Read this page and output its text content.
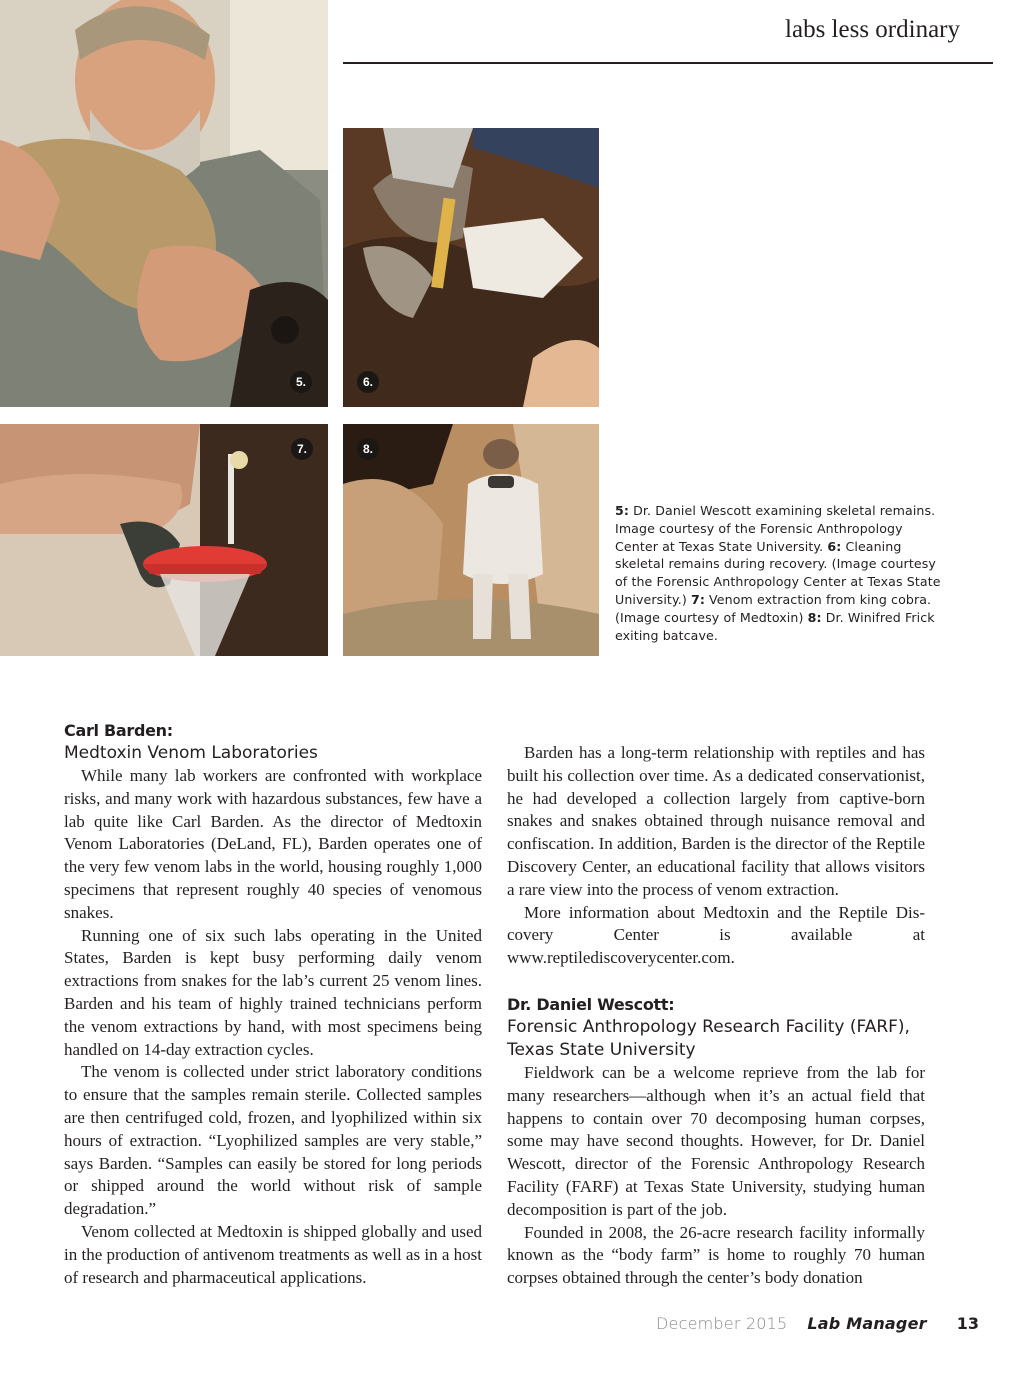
labs less ordinary
5.	6.
7.	8.
5: Dr. Daniel Wescott examining skeletal remains. Image courtesy of the Forensic Anthropology Center at Texas State University. 6: Cleaning skeletal remains during recovery. (Image courtesy of the Forensic Anthropology Center at Texas State University.) 7: Venom extraction from king cobra. (Image courtesy of Medtoxin) 8: Dr. Winifred Frick exiting batcave.
Carl Barden:
Medtoxin Venom Laboratories

While many lab workers are confronted with workplace risks, and many work with hazardous substances, few have a lab quite like Carl Barden. As the director of Medtoxin Venom Laboratories (DeLand, FL), Barden operates one of the very few venom labs in the world, housing roughly 1,000 specimens that represent roughly 40 species of venomous snakes.

Running one of six such labs operating in the United States, Barden is kept busy performing daily venom extractions from snakes for the lab’s current 25 venom lines. Barden and his team of highly trained technicians perform the venom extractions by hand, with most specimens being handled on 14-day extraction cycles.

The venom is collected under strict laboratory conditions to ensure that the samples remain sterile. Collected samples are then centrifuged cold, frozen, and lyophilized within six hours of extraction. “Lyophilized samples are very stable,” says Barden. “Samples can easily be stored for long periods or shipped around the world without risk of sample degradation.”

Venom collected at Medtoxin is shipped globally and used in the production of antivenom treatments as well as in a host of research and pharmaceutical applications.

Barden has a long-term relationship with reptiles and has built his collection over time. As a dedicated conservationist, he had developed a collection largely from captive-born snakes and snakes obtained through nuisance removal and confiscation. In addition, Barden is the director of the Reptile Discovery Center, an educational facility that allows visitors a rare view into the process of venom extraction.

More information about Medtoxin and the Reptile Discovery Center is available at www.reptilediscoverycenter.com.

Dr. Daniel Wescott:
Forensic Anthropology Research Facility (FARF), Texas State University

Fieldwork can be a welcome reprieve from the lab for many researchers—although when it’s an actual field that happens to contain over 70 decomposing human corpses, some may have second thoughts. However, for Dr. Daniel Wescott, director of the Forensic Anthropology Research Facility (FARF) at Texas State University, studying human decomposition is part of the job.

Founded in 2008, the 26-acre research facility informally known as the “body farm” is home to roughly 70 human corpses obtained through the center’s body donation

December 2015 Lab Manager 13
